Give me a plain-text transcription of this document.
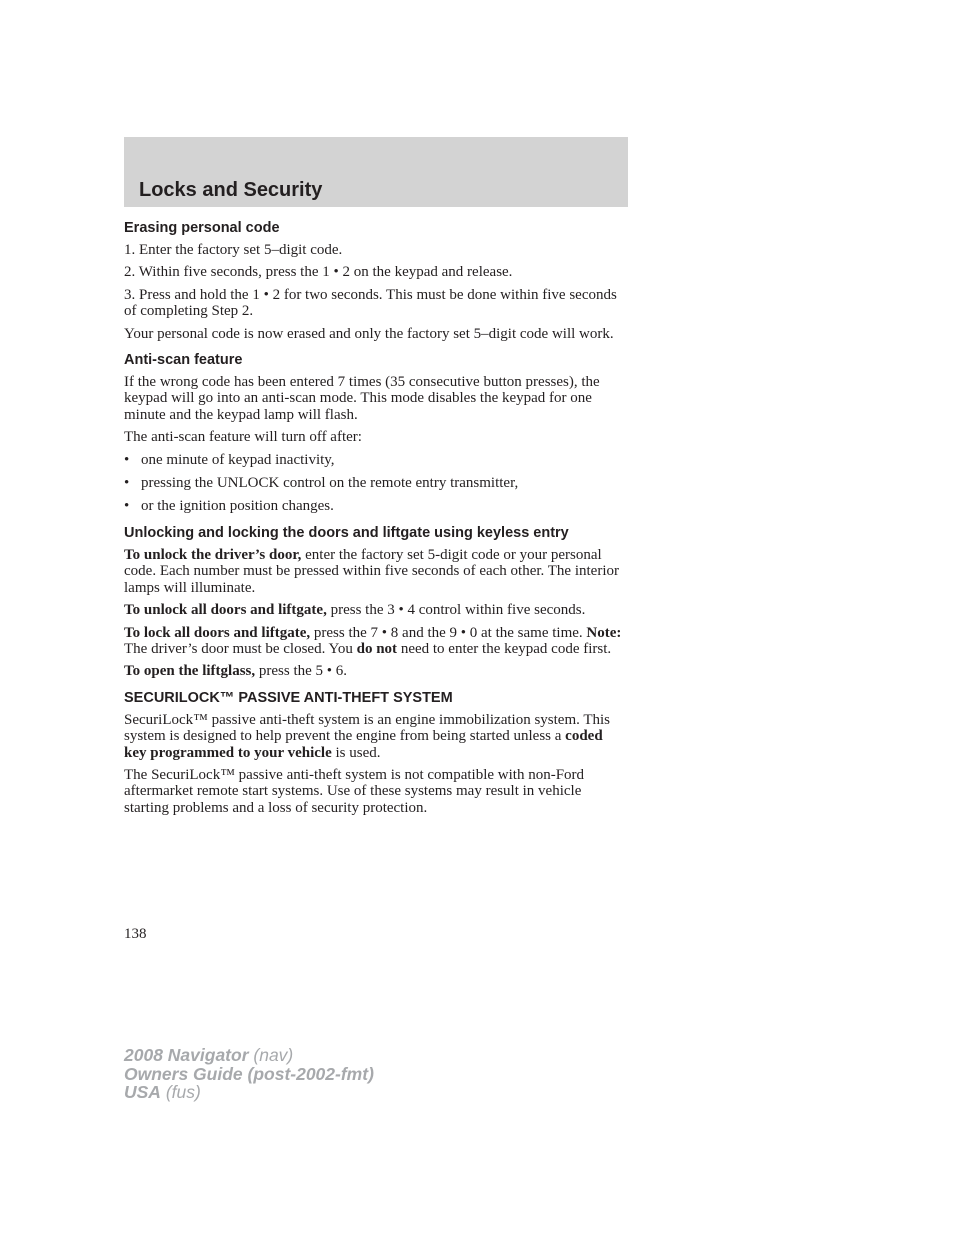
Locks and Security
Erasing personal code

1. Enter the factory set 5–digit code.

2. Within five seconds, press the 1 • 2 on the keypad and release.

3. Press and hold the 1 • 2 for two seconds. This must be done within five seconds of completing Step 2.

Your personal code is now erased and only the factory set 5–digit code will work.

Anti-scan feature

If the wrong code has been entered 7 times (35 consecutive button presses), the keypad will go into an anti-scan mode. This mode disables the keypad for one minute and the keypad lamp will flash.

The anti-scan feature will turn off after:

• one minute of keypad inactivity,
• pressing the UNLOCK control on the remote entry transmitter,
• or the ignition position changes.
Unlocking and locking the doors and liftgate using keyless entry

To unlock the driver’s door, enter the factory set 5-digit code or your personal code. Each number must be pressed within five seconds of each other. The interior lamps will illuminate.

To unlock all doors and liftgate, press the 3 • 4 control within five seconds.

To lock all doors and liftgate, press the 7 • 8 and the 9 • 0 at the same time. Note: The driver’s door must be closed. You do not need to enter the keypad code first.

To open the liftglass, press the 5 • 6.

SECURILOCK™ PASSIVE ANTI-THEFT SYSTEM

SecuriLock™ passive anti-theft system is an engine immobilization system. This system is designed to help prevent the engine from being started unless a coded key programmed to your vehicle is used.

The SecuriLock™ passive anti-theft system is not compatible with non-Ford aftermarket remote start systems. Use of these systems may result in vehicle starting problems and a loss of security protection.

138
2008 Navigator (nav)
Owners Guide (post-2002-fmt)
USA (fus)
